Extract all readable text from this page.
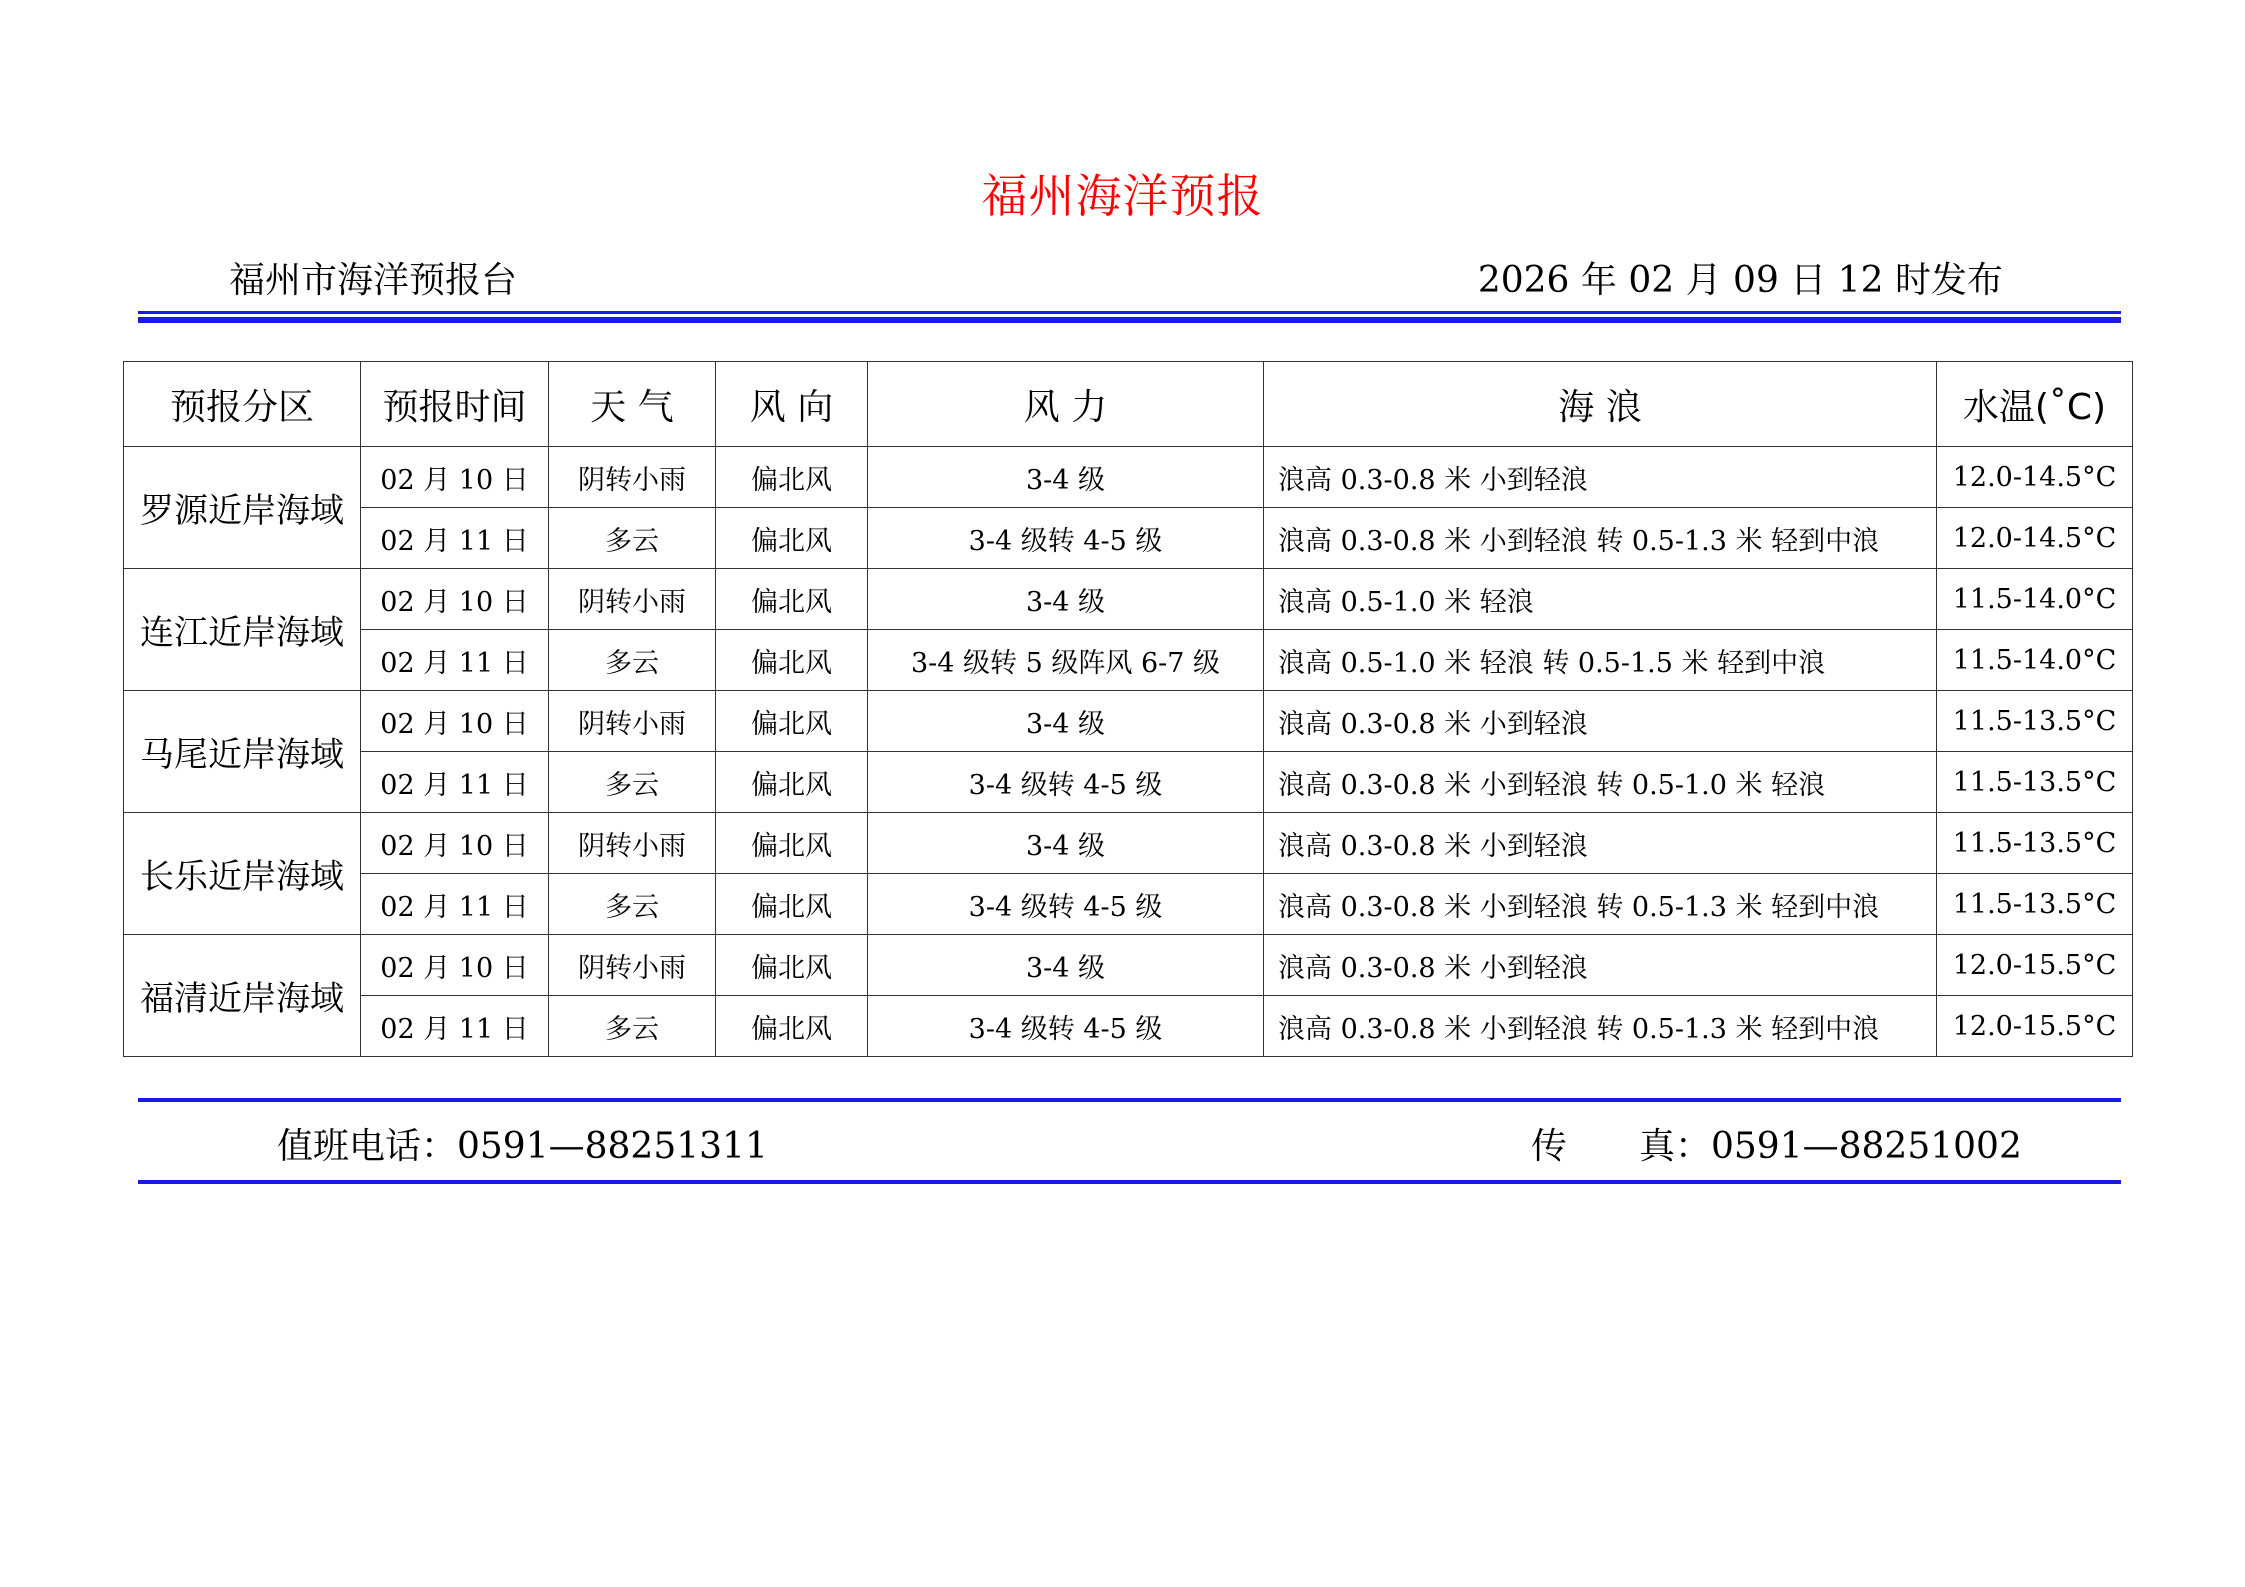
福州海洋预报
福州市海洋预报台	2026 年 02 月 09 日 12 时发布
预报分区	预报时间	天 气	风 向	风 力	海 浪	水温(˚C)
罗源近岸海域	02 月 10 日	阴转小雨	偏北风	3-4 级	浪高 0.3-0.8 米 小到轻浪	12.0-14.5°C
	02 月 11 日	多云	偏北风	3-4 级转 4-5 级	浪高 0.3-0.8 米 小到轻浪 转 0.5-1.3 米 轻到中浪	12.0-14.5°C
连江近岸海域	02 月 10 日	阴转小雨	偏北风	3-4 级	浪高 0.5-1.0 米 轻浪	11.5-14.0°C
	02 月 11 日	多云	偏北风	3-4 级转 5 级阵风 6-7 级	浪高 0.5-1.0 米 轻浪 转 0.5-1.5 米 轻到中浪	11.5-14.0°C
马尾近岸海域	02 月 10 日	阴转小雨	偏北风	3-4 级	浪高 0.3-0.8 米 小到轻浪	11.5-13.5°C
	02 月 11 日	多云	偏北风	3-4 级转 4-5 级	浪高 0.3-0.8 米 小到轻浪 转 0.5-1.0 米 轻浪	11.5-13.5°C
长乐近岸海域	02 月 10 日	阴转小雨	偏北风	3-4 级	浪高 0.3-0.8 米 小到轻浪	11.5-13.5°C
	02 月 11 日	多云	偏北风	3-4 级转 4-5 级	浪高 0.3-0.8 米 小到轻浪 转 0.5-1.3 米 轻到中浪	11.5-13.5°C
福清近岸海域	02 月 10 日	阴转小雨	偏北风	3-4 级	浪高 0.3-0.8 米 小到轻浪	12.0-15.5°C
	02 月 11 日	多云	偏北风	3-4 级转 4-5 级	浪高 0.3-0.8 米 小到轻浪 转 0.5-1.3 米 轻到中浪	12.0-15.5°C
值班电话：0591—88251311	传　　真：0591—88251002
